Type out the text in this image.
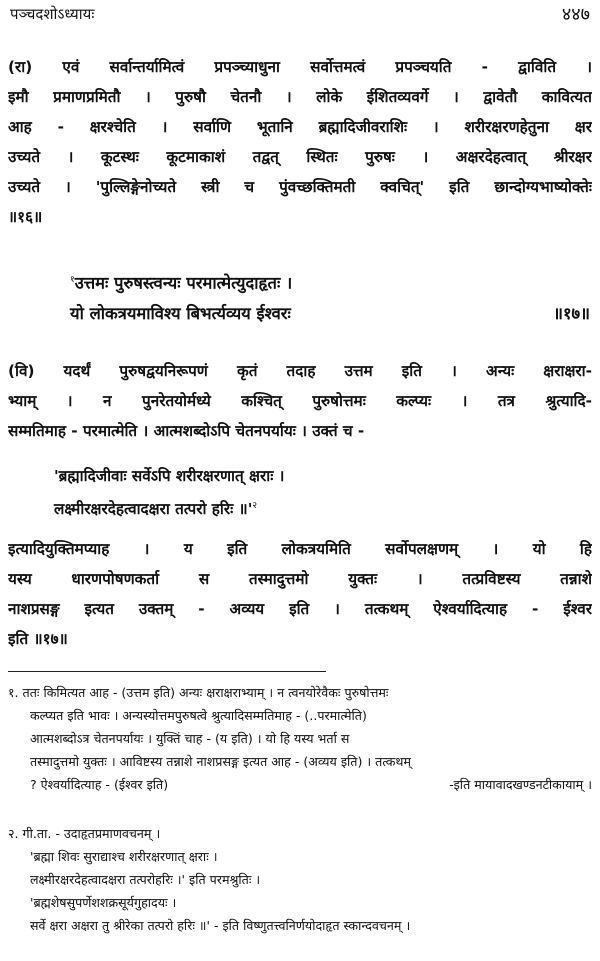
पञ्चदशोऽध्यायः	४४७
(रा) एवं सर्वान्तर्यामित्वं प्रपञ्च्याधुना सर्वोत्तमत्वं प्रपञ्चयति - द्वाविति ।
इमौ प्रमाणप्रमितौ । पुरुषौ चेतनौ । लोके ईशितव्यवर्गे । द्वावेतौ कावित्यत
आह - क्षरश्चेति । सर्वाणि भूतानि ब्रह्मादिजीवराशिः । शरीरक्षरणहेतुना क्षर
उच्यते । कूटस्थः कूटमाकाशं तद्वत् स्थितः पुरुषः । अक्षरदेहत्वात् श्रीरक्षर
उच्यते । 'पुल्लिङ्गेनोच्यते स्त्री च पुंवच्छक्तिमती क्वचित्' इति छान्दोग्यभाष्योक्तेः
॥१६॥
$^१$उत्तमः पुरुषस्त्वन्यः परमात्मेत्युदाहृतः ।
यो लोकत्रयमाविश्य बिभर्त्यव्यय ईश्वरः	॥१७॥
(वि) यदर्थं पुरुषद्वयनिरूपणं कृतं तदाह उत्तम इति । अन्यः क्षराक्षरा-
भ्याम् । न पुनरेतयोर्मध्ये कश्चित् पुरुषोत्तमः कल्प्यः । तत्र श्रुत्यादि-
सम्मतिमाह - परमात्मेति । आत्मशब्दोऽपि चेतनपर्यायः । उक्तं च -
'ब्रह्मादिजीवाः सर्वेऽपि शरीरक्षरणात् क्षराः ।
लक्ष्मीरक्षरदेहत्वादक्षरा तत्परो हरिः $॥'^२$
इत्यादियुक्तिमप्याह । य इति लोकत्रयमिति सर्वोपलक्षणम् । यो हि
यस्य धारणपोषणकर्ता स तस्मादुत्तमो युक्तः । तत्प्रविष्टस्य तन्नाशे
नाशप्रसङ्ग इत्यत उक्तम् - अव्यय इति । तत्कथम् ऐश्वर्यादित्याह - ईश्वर
इति ॥१७॥
१. ततः किमित्यत आह - (उत्तम इति) अन्यः क्षराक्षराभ्याम् । न त्वनयोरेवैकः पुरुषोत्तमः
कल्प्यत इति भावः । अन्यस्योत्तमपुरुषत्वे श्रुत्यादिसम्मतिमाह - (..परमात्मेति)
आत्मशब्दोऽत्र चेतनपर्यायः । युक्तिं चाह - (य इति) । यो हि यस्य भर्ता स
तस्मादुत्तमो युक्तः । आविष्टस्य तन्नाशे नाशप्रसङ्ग इत्यत आह - (अव्यय इति) । तत्कथम्
? ऐश्वर्यादित्याह - (ईश्वर इति)	-इति मायावादखण्डनटीकायाम् ।
२. गी.ता. - उदाहृतप्रमाणवचनम् ।
'ब्रह्मा शिवः सुराद्याश्च शरीरक्षरणात् क्षराः ।
लक्ष्मीरक्षरदेहत्वादक्षरा तत्परोहरिः ।' इति परमश्रुतिः ।
'ब्रह्मशेषसुपर्णेशशक्रसूर्यगुहादयः ।
सर्वे क्षरा अक्षरा तु श्रीरेका तत्परो हरिः ॥' - इति विष्णुतत्त्वनिर्णयोदाहृत स्कान्दवचनम् ।
